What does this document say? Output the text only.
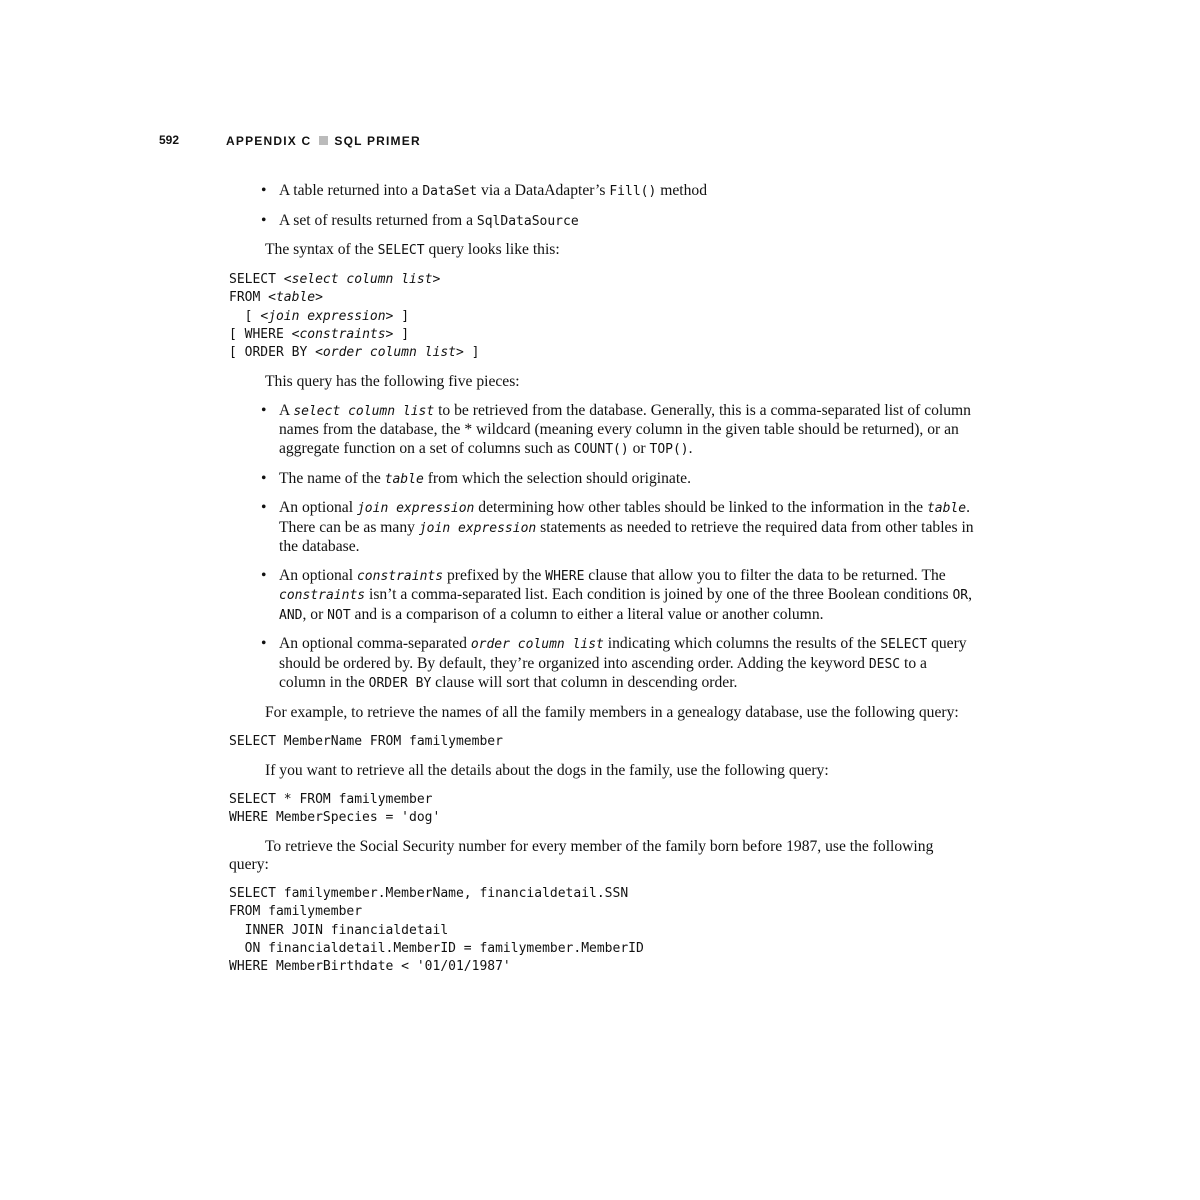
592	APPENDIX C SQL PRIMER
• A table returned into a DataSet via a DataAdapter’s Fill() method
• A set of results returned from a SqlDataSource

The syntax of the SELECT query looks like this:

SELECT <select column list>
FROM <table>
[ <join expression> ]
[ WHERE <constraints> ]
[ ORDER BY <order column list> ]

This query has the following five pieces:

• A select column list to be retrieved from the database. Generally, this is a comma-separated list of column names from the database, the * wildcard (meaning every column in the given table should be returned), or an aggregate function on a set of columns such as COUNT() or TOP().
• The name of the table from which the selection should originate.
• An optional join expression determining how other tables should be linked to the information in the table. There can be as many join expression statements as needed to retrieve the required data from other tables in the database.
• An optional constraints prefixed by the WHERE clause that allow you to filter the data to be returned. The constraints isn’t a comma-separated list. Each condition is joined by one of the three Boolean conditions OR, AND, or NOT and is a comparison of a column to either a literal value or another column.
• An optional comma-separated order column list indicating which columns the results of the SELECT query should be ordered by. By default, they’re organized into ascending order. Adding the keyword DESC to a column in the ORDER BY clause will sort that column in descending order.

For example, to retrieve the names of all the family members in a genealogy database, use the following query:

SELECT MemberName FROM familymember

If you want to retrieve all the details about the dogs in the family, use the following query:

SELECT * FROM familymember
WHERE MemberSpecies = 'dog'

To retrieve the Social Security number for every member of the family born before 1987, use the following query:

SELECT familymember.MemberName, financialdetail.SSN
FROM familymember
INNER JOIN financialdetail
ON financialdetail.MemberID = familymember.MemberID
WHERE MemberBirthdate < '01/01/1987'
